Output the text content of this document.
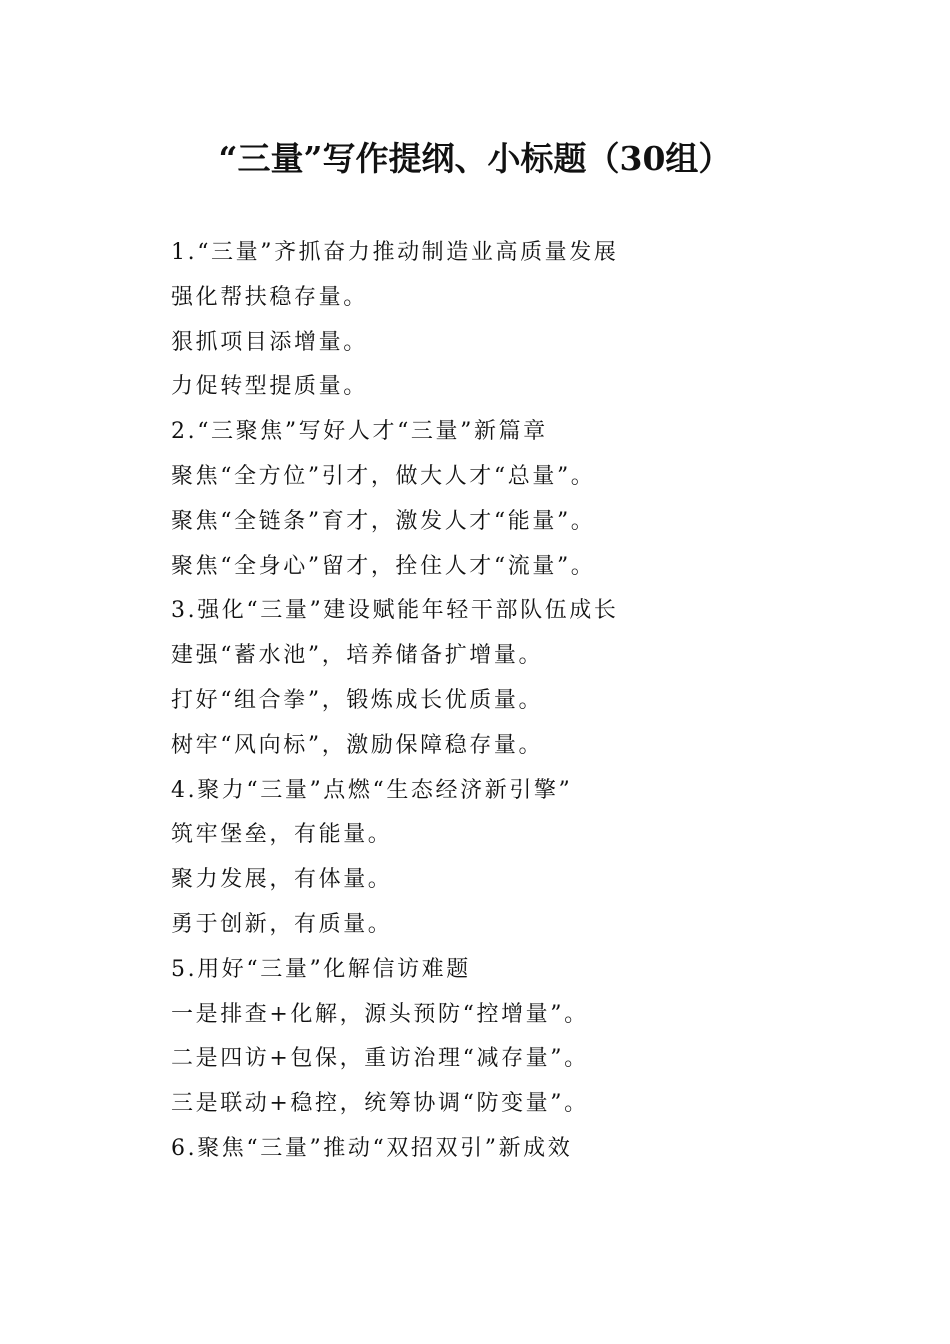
“三量”写作提纲、小标题（30组）
1.“三量”齐抓奋力推动制造业高质量发展
强化帮扶稳存量。
狠抓项目添增量。
力促转型提质量。
2.“三聚焦”写好人才“三量”新篇章
聚焦“全方位”引才，做大人才“总量”。
聚焦“全链条”育才，激发人才“能量”。
聚焦“全身心”留才，拴住人才“流量”。
3.强化“三量”建设赋能年轻干部队伍成长
建强“蓄水池”，培养储备扩增量。
打好“组合拳”，锻炼成长优质量。
树牢“风向标”，激励保障稳存量。
4.聚力“三量”点燃“生态经济新引擎”
筑牢堡垒，有能量。
聚力发展，有体量。
勇于创新，有质量。
5.用好“三量”化解信访难题
一是排查+化解，源头预防“控增量”。
二是四访+包保，重访治理“减存量”。
三是联动+稳控，统筹协调“防变量”。
6.聚焦“三量”推动“双招双引”新成效
